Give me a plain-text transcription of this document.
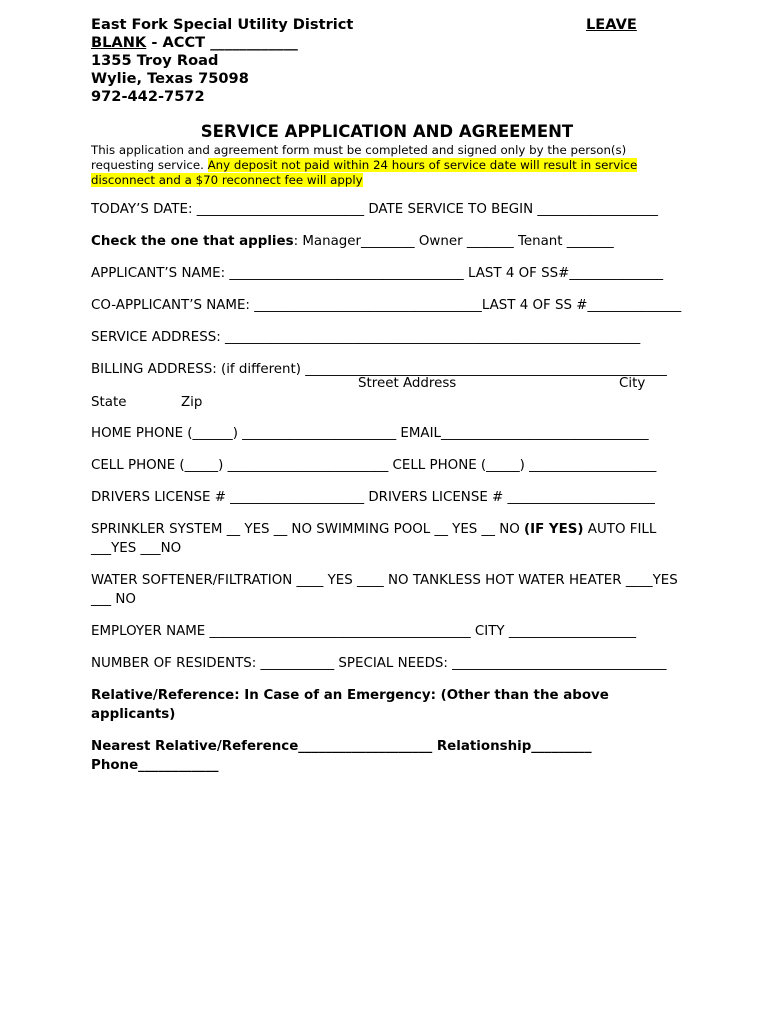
East Fork Special Utility District	LEAVE
BLANK - ACCT ____________
1355 Troy Road
Wylie, Texas 75098
972-442-7572
SERVICE APPLICATION AND AGREEMENT
This application and agreement form must be completed and signed only by the person(s) requesting service. Any deposit not paid within 24 hours of service date will result in service disconnect and a $70 reconnect fee will apply
TODAY’S DATE: _________________________ DATE SERVICE TO BEGIN __________________
Check the one that applies: Manager________ Owner _______ Tenant _______
APPLICANT’S NAME: ___________________________________ LAST 4 OF SS#______________
CO-APPLICANT’S NAME: __________________________________LAST 4 OF SS #______________
SERVICE ADDRESS: ______________________________________________________________
BILLING ADDRESS: (if different) ______________________________________________________
Street Address	City
State	Zip
HOME PHONE (______) _______________________ EMAIL_______________________________
CELL PHONE (_____) ________________________ CELL PHONE (_____) ___________________
DRIVERS LICENSE # ____________________ DRIVERS LICENSE # ______________________
SPRINKLER SYSTEM __ YES __ NO SWIMMING POOL __ YES __ NO (IF YES) AUTO FILL ___YES ___NO
WATER SOFTENER/FILTRATION ____ YES ____ NO TANKLESS HOT WATER HEATER ____YES ___ NO
EMPLOYER NAME _______________________________________ CITY ___________________
NUMBER OF RESIDENTS: ___________ SPECIAL NEEDS: ________________________________
Relative/Reference: In Case of an Emergency: (Other than the above applicants)
Nearest Relative/Reference____________________ Relationship_________ Phone____________
